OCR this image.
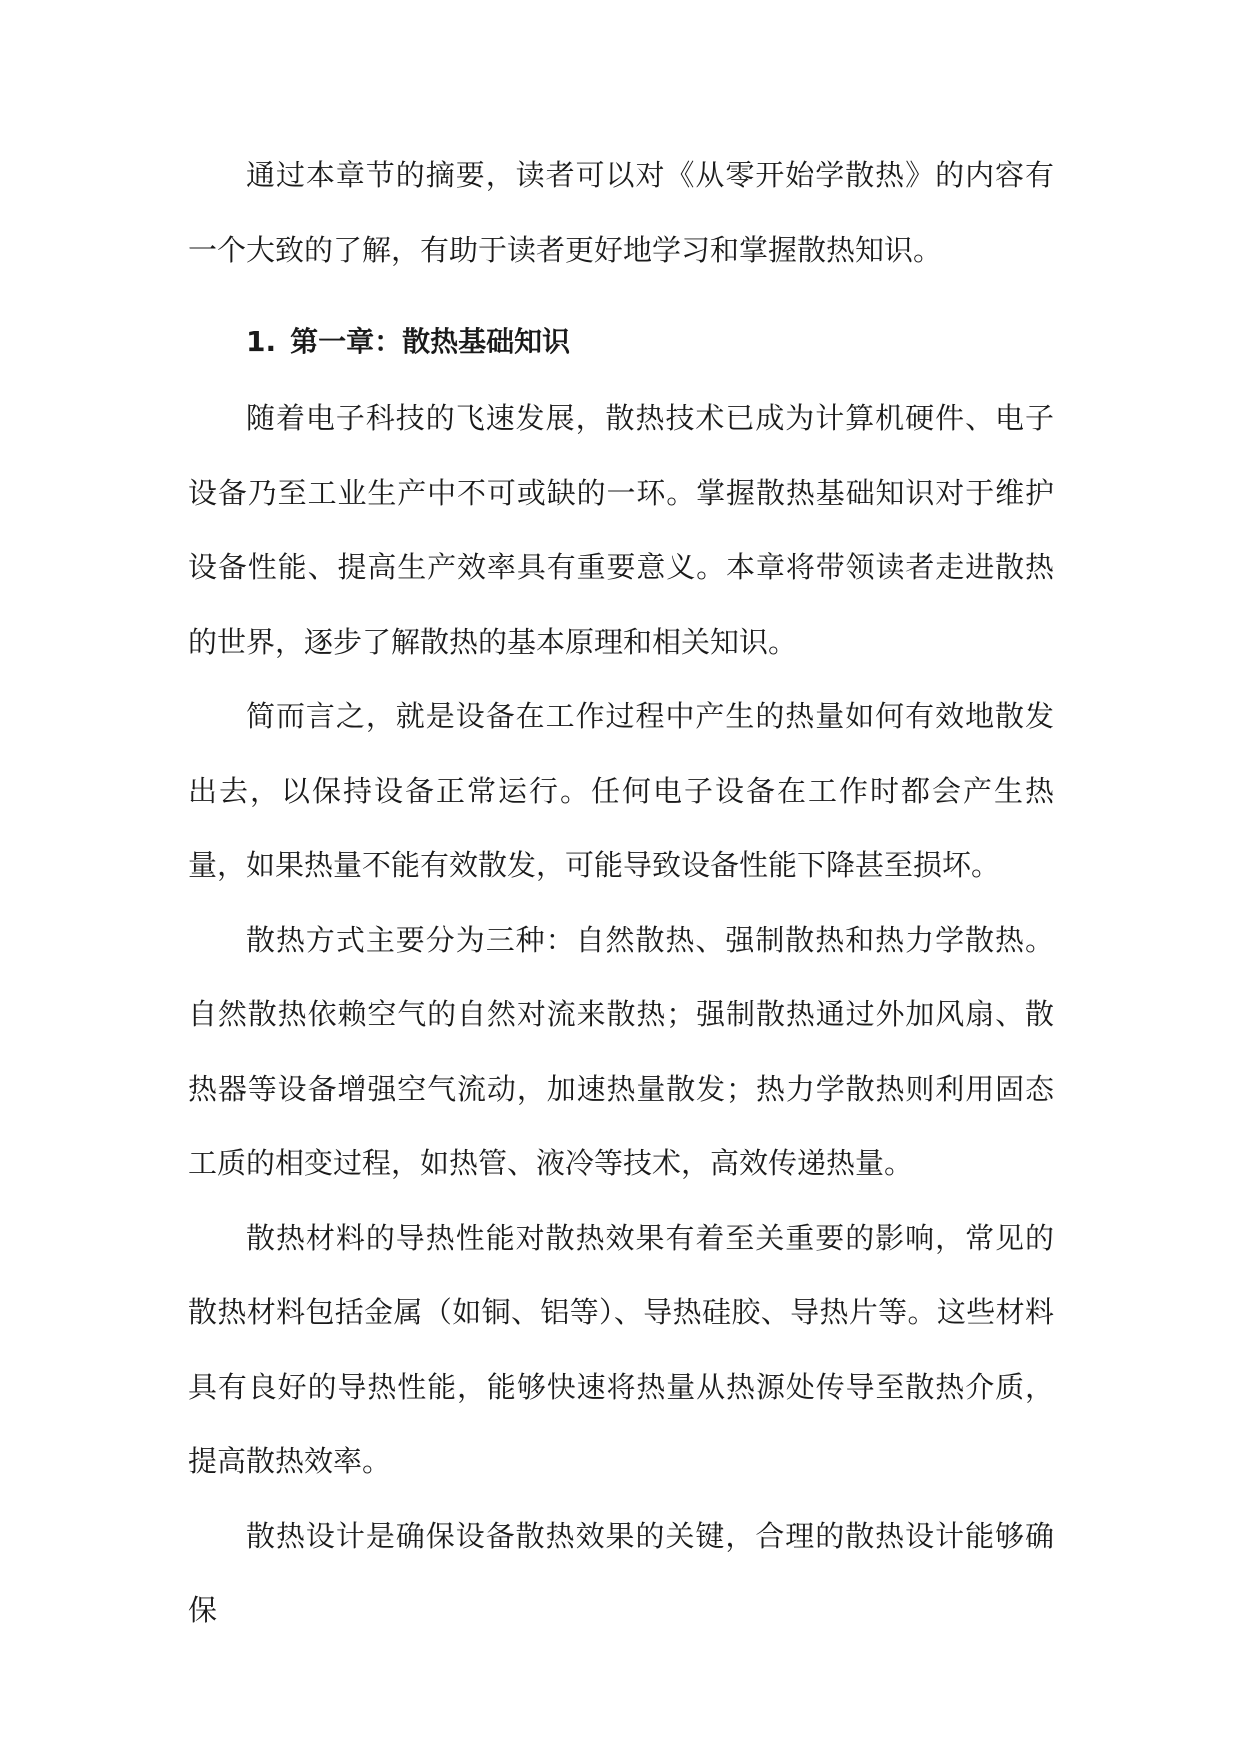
通过本章节的摘要，读者可以对《从零开始学散热》的内容有一个大致的了解，有助于读者更好地学习和掌握散热知识。

1. 第一章：散热基础知识

随着电子科技的飞速发展，散热技术已成为计算机硬件、电子设备乃至工业生产中不可或缺的一环。掌握散热基础知识对于维护设备性能、提高生产效率具有重要意义。本章将带领读者走进散热的世界，逐步了解散热的基本原理和相关知识。

简而言之，就是设备在工作过程中产生的热量如何有效地散发出去，以保持设备正常运行。任何电子设备在工作时都会产生热量，如果热量不能有效散发，可能导致设备性能下降甚至损坏。

散热方式主要分为三种：自然散热、强制散热和热力学散热。自然散热依赖空气的自然对流来散热；强制散热通过外加风扇、散热器等设备增强空气流动，加速热量散发；热力学散热则利用固态工质的相变过程，如热管、液冷等技术，高效传递热量。

散热材料的导热性能对散热效果有着至关重要的影响，常见的散热材料包括金属（如铜、铝等）、导热硅胶、导热片等。这些材料具有良好的导热性能，能够快速将热量从热源处传导至散热介质，提高散热效率。

散热设计是确保设备散热效果的关键，合理的散热设计能够确保
